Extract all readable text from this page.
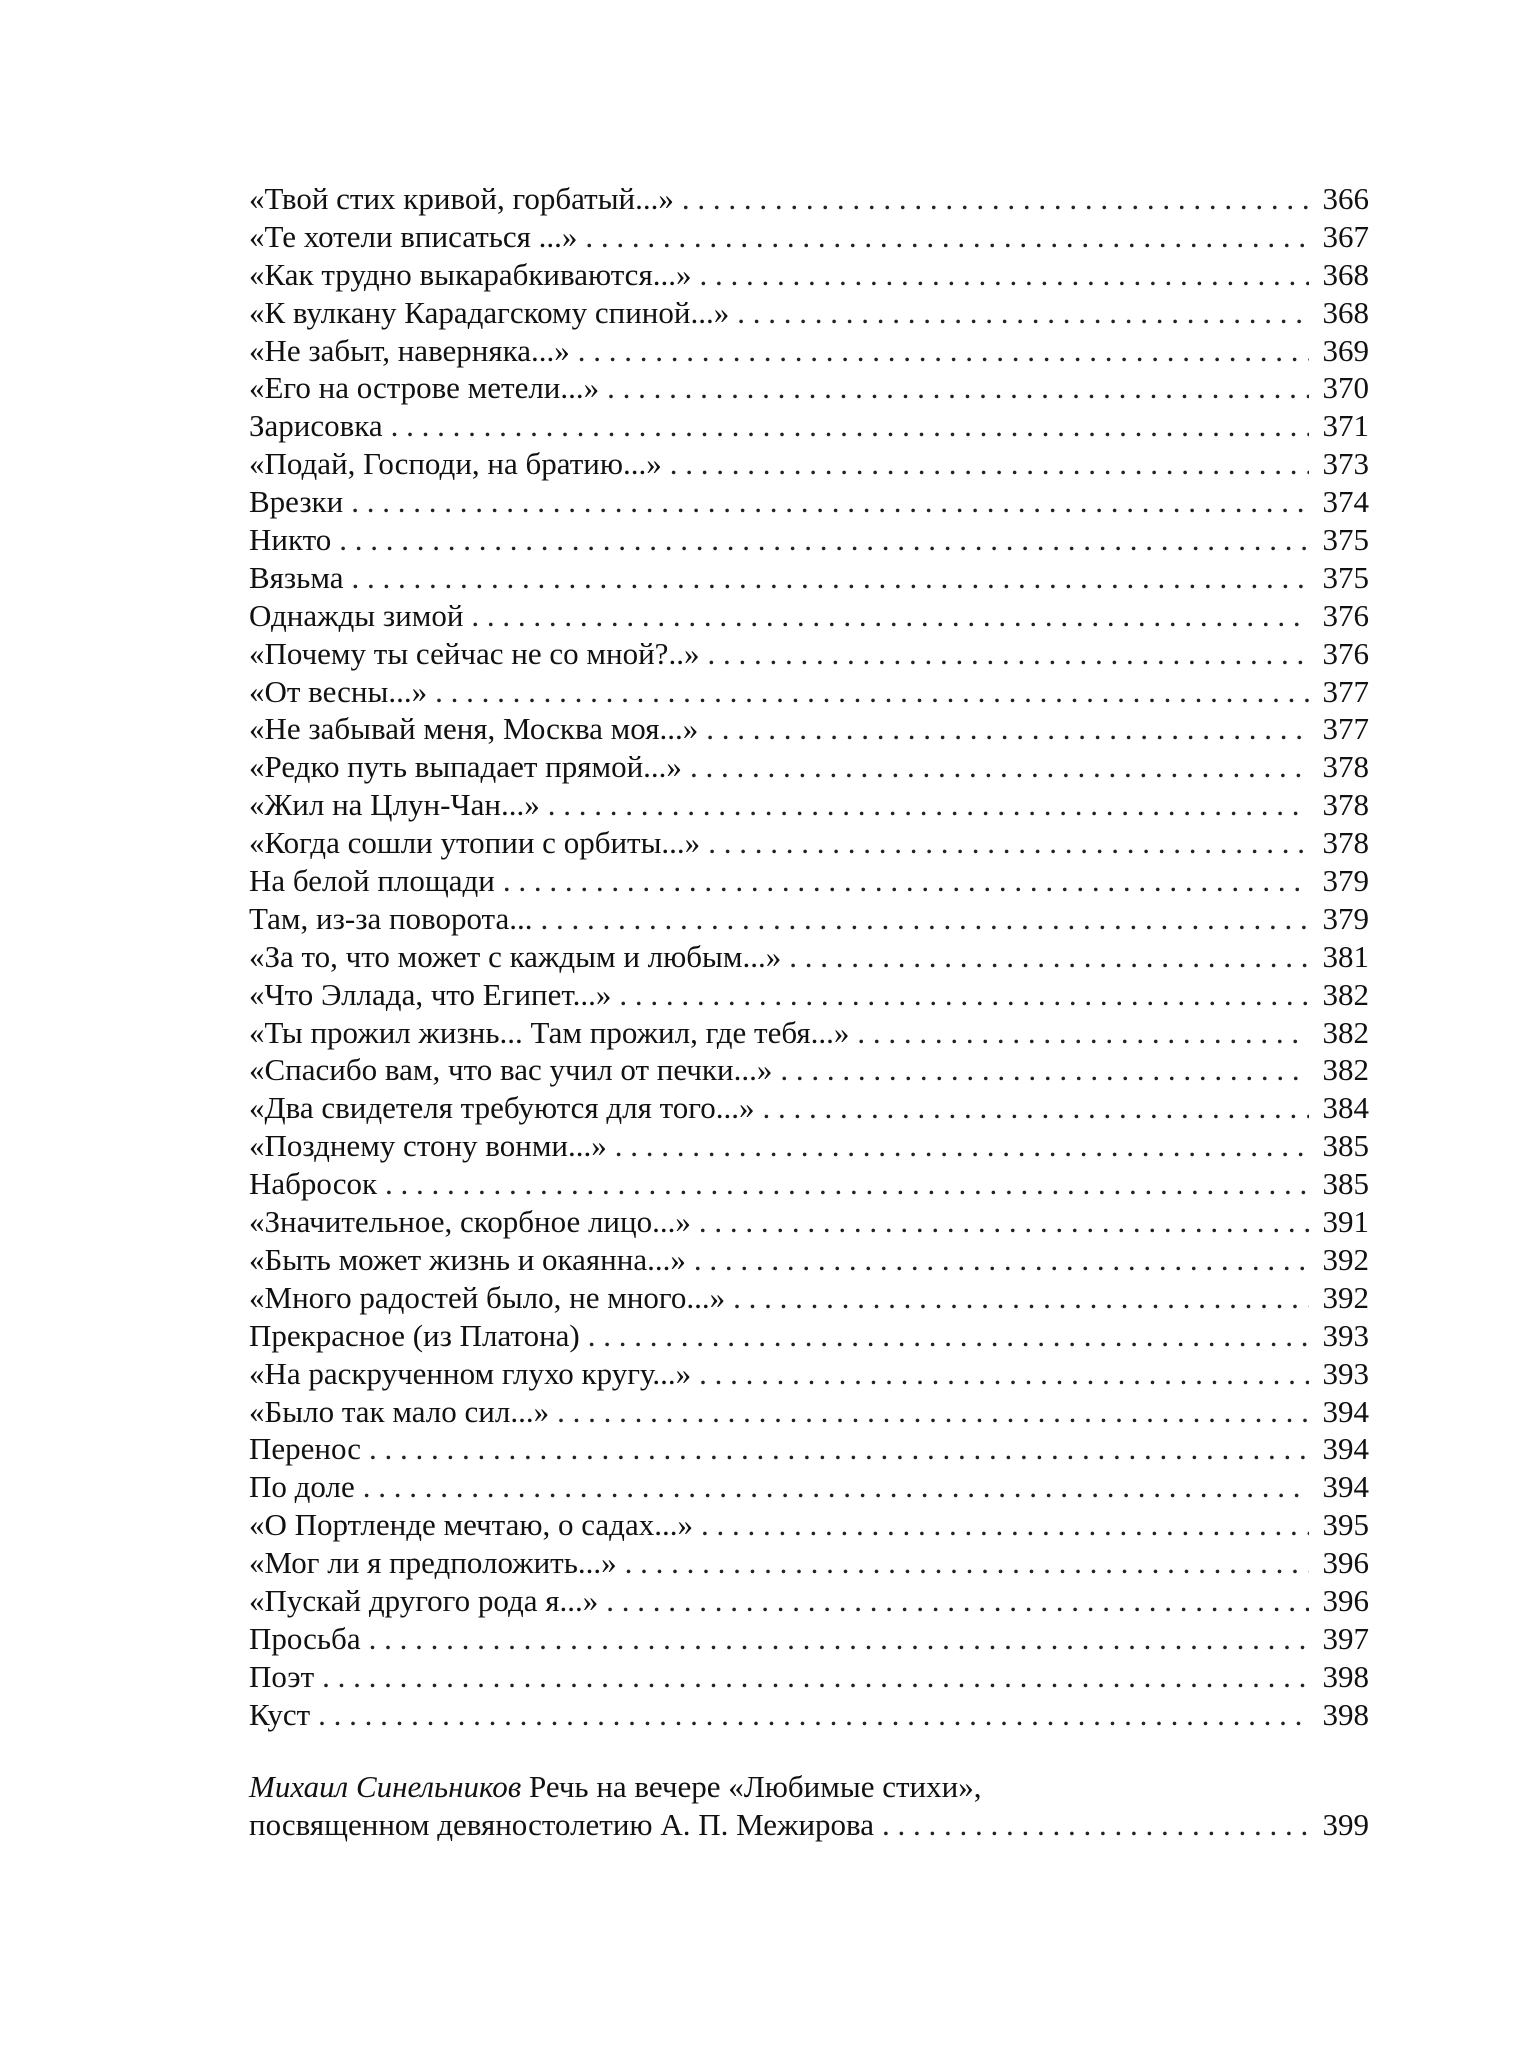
«Твой стих кривой, горбатый...» . . .	366
«Те хотели вписаться ...» . . .	367
«Как трудно выкарабкиваются...» . . .	368
«К вулкану Карадагскому спиной...» . . .	368
«Не забыт, наверняка...» . . .	369
«Его на острове метели...» . . .	370
Зарисовка . . .	371
«Подай, Господи, на братию...» . . .	373
Врезки . . .	374
Никто . . .	375
Вязьма . . .	375
Однажды зимой . . .	376
«Почему ты сейчас не со мной?..» . . .	376
«От весны...» . . .	377
«Не забывай меня, Москва моя...» . . .	377
«Редко путь выпадает прямой...» . . .	378
«Жил на Цлун-Чан...» . . .	378
«Когда сошли утопии с орбиты...» . . .	378
На белой площади . . .	379
Там, из-за поворота... . . .	379
«За то, что может с каждым и любым...» . . .	381
«Что Эллада, что Египет...» . . .	382
«Ты прожил жизнь... Там прожил, где тебя...» . . .	382
«Спасибо вам, что вас учил от печки...» . . .	382
«Два свидетеля требуются для того...» . . .	384
«Позднему стону вонми...» . . .	385
Набросок . . .	385
«Значительное, скорбное лицо...» . . .	391
«Быть может жизнь и окаянна...» . . .	392
«Много радостей было, не много...» . . .	392
Прекрасное (из Платона) . . .	393
«На раскрученном глухо кругу...» . . .	393
«Было так мало сил...» . . .	394
Перенос . . .	394
По доле . . .	394
«О Портленде мечтаю, о садах...» . . .	395
«Мог ли я предположить...» . . .	396
«Пускай другого рода я...» . . .	396
Просьба . . .	397
Поэт . . .	398
Куст . . .	398
Михаил Синельников Речь на вечере «Любимые стихи»,
посвященном девяностолетию А. П. Межирова . . .	399
